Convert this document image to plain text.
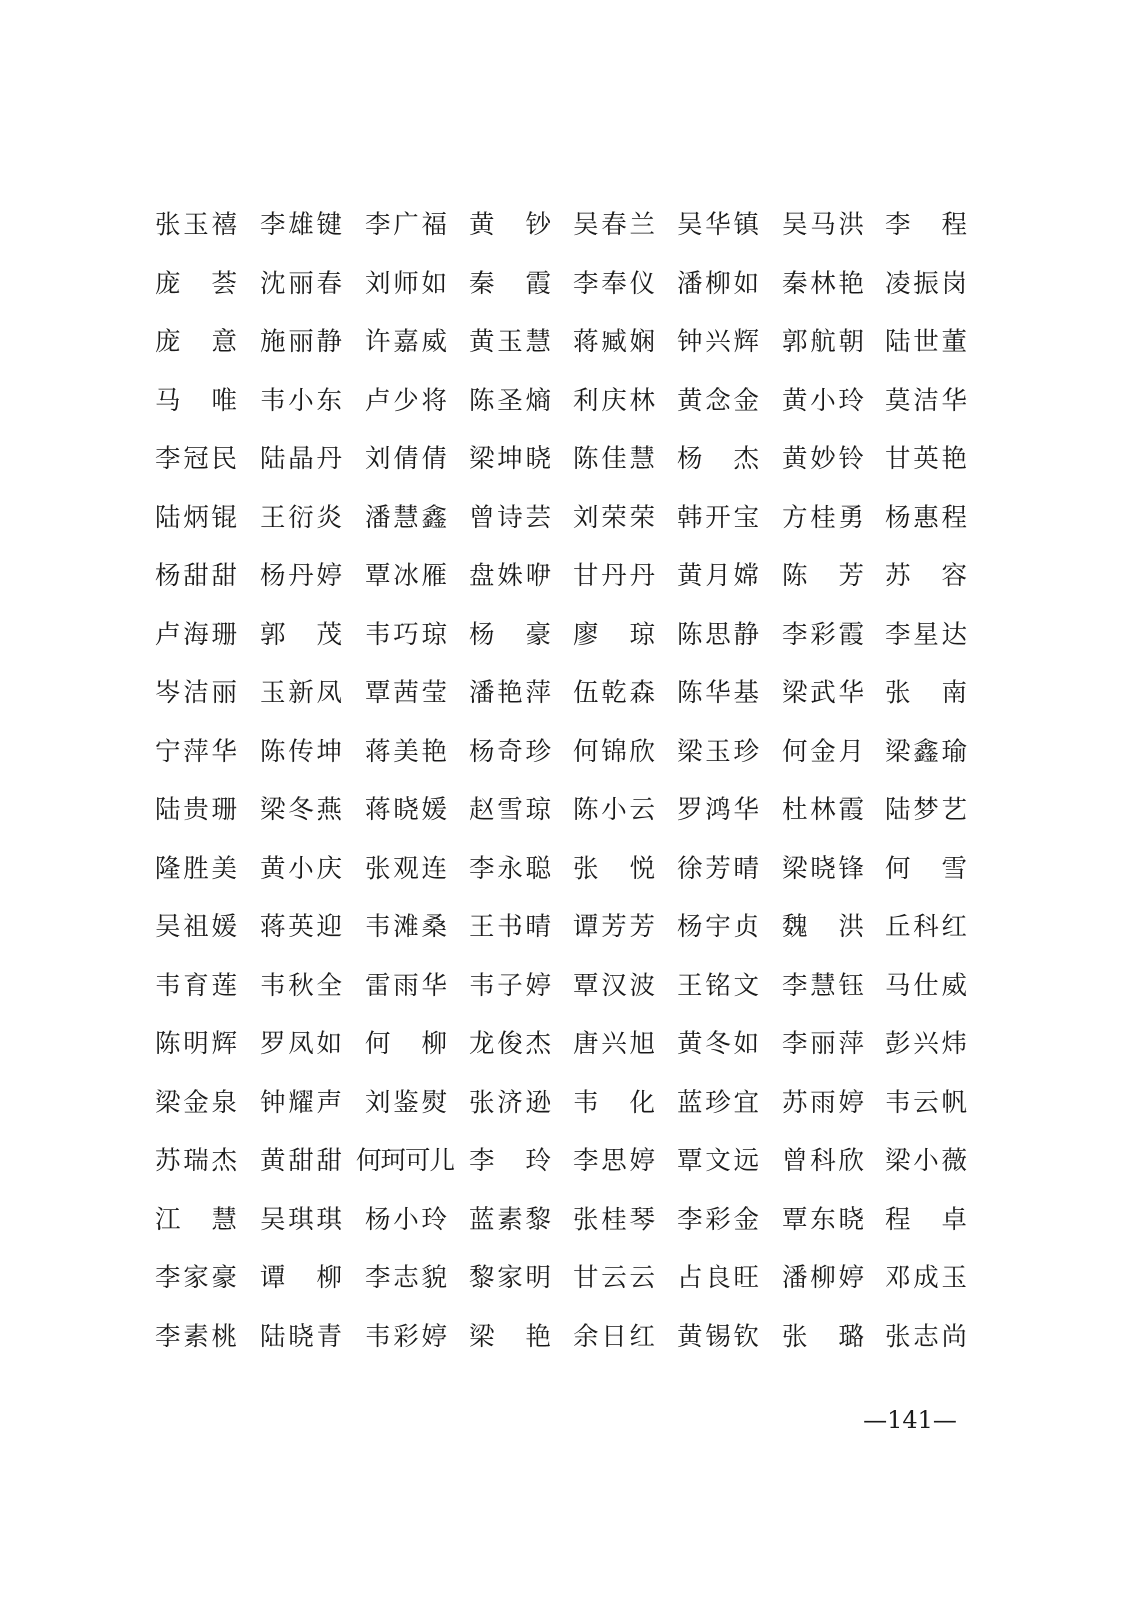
张玉禧 李雄键 李广福 黄　钞 吴春兰 吴华镇 吴马洪 李　程
庞　荟 沈丽春 刘师如 秦　霞 李奉仪 潘柳如 秦林艳 凌振岗
庞　意 施丽静 许嘉威 黄玉慧 蒋臧娴 钟兴辉 郭航朝 陆世董
马　唯 韦小东 卢少将 陈圣熵 利庆林 黄念金 黄小玲 莫洁华
李冠民 陆晶丹 刘倩倩 梁坤晓 陈佳慧 杨　杰 黄妙铃 甘英艳
陆炳锟 王衍炎 潘慧鑫 曾诗芸 刘荣荣 韩开宝 方桂勇 杨惠程
杨甜甜 杨丹婷 覃冰雁 盘姝咿 甘丹丹 黄月嫦 陈　芳 苏　容
卢海珊 郭　茂 韦巧琼 杨　豪 廖　琼 陈思静 李彩霞 李星达
岑洁丽 玉新凤 覃茜莹 潘艳萍 伍乾森 陈华基 梁武华 张　南
宁萍华 陈传坤 蒋美艳 杨奇珍 何锦欣 梁玉珍 何金月 梁鑫瑜
陆贵珊 梁冬燕 蒋晓媛 赵雪琼 陈小云 罗鸿华 杜林霞 陆梦艺
隆胜美 黄小庆 张观连 李永聪 张　悦 徐芳晴 梁晓锋 何　雪
吴祖媛 蒋英迎 韦滩桑 王书晴 谭芳芳 杨宇贞 魏　洪 丘科红
韦育莲 韦秋全 雷雨华 韦子婷 覃汉波 王铭文 李慧钰 马仕威
陈明辉 罗凤如 何　柳 龙俊杰 唐兴旭 黄冬如 李丽萍 彭兴炜
梁金泉 钟耀声 刘鉴熨 张济逊 韦　化 蓝珍宜 苏雨婷 韦云帆
苏瑞杰 黄甜甜 何珂可儿 李　玲 李思婷 覃文远 曾科欣 梁小薇
江　慧 吴琪琪 杨小玲 蓝素黎 张桂琴 李彩金 覃东晓 程　卓
李家豪 谭　柳 李志貌 黎家明 甘云云 占良旺 潘柳婷 邓成玉
李素桃 陆晓青 韦彩婷 梁　艳 余日红 黄锡钦 张　璐 张志尚
—141—
